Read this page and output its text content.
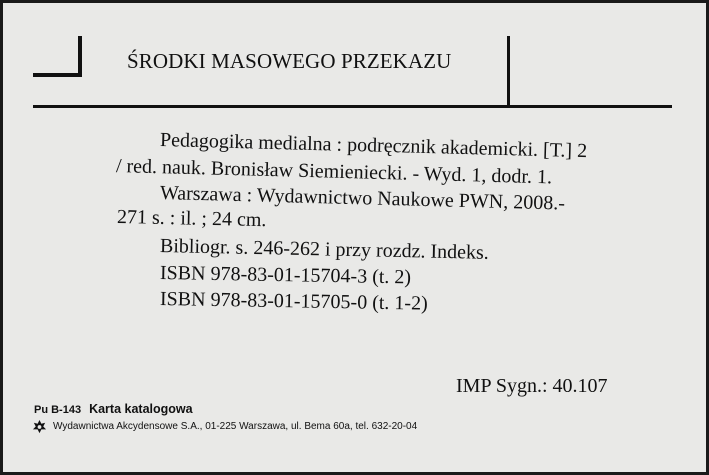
ŚRODKI MASOWEGO PRZEKAZU
Pedagogika medialna : podręcznik akademicki. [T.] 2
/ red. nauk. Bronisław Siemieniecki. - Wyd. 1, dodr. 1.
Warszawa : Wydawnictwo Naukowe PWN, 2008.-
271 s. : il. ; 24 cm.
Bibliogr. s. 246-262 i przy rozdz. Indeks.
ISBN 978-83-01-15704-3 (t. 2)
ISBN 978-83-01-15705-0 (t. 1-2)
IMP Sygn.: 40.107
Pu B-143 Karta katalogowa
Wydawnictwa Akcydensowe S.A., 01-225 Warszawa, ul. Bema 60a, tel. 632-20-04
